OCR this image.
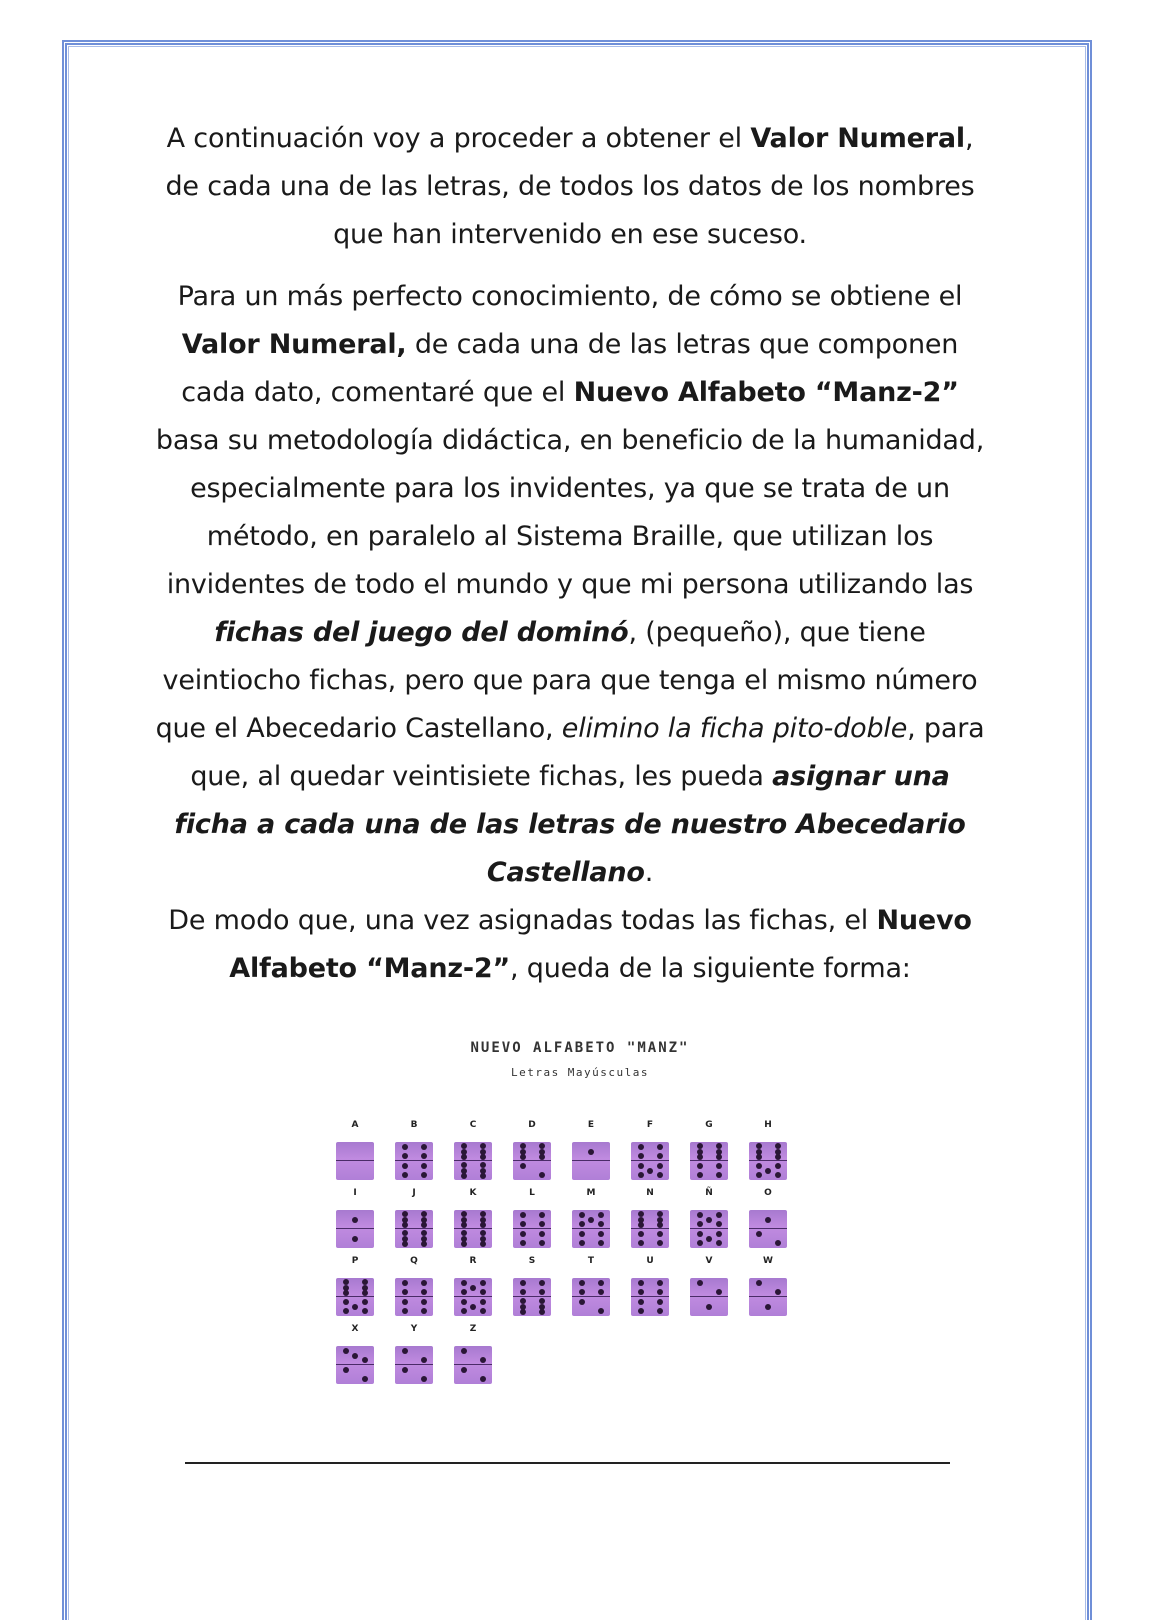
A continuación voy a proceder a obtener el Valor Numeral, de cada una de las letras, de todos los datos de los nombres que han intervenido en ese suceso.

Para un más perfecto conocimiento, de cómo se obtiene el Valor Numeral, de cada una de las letras que componen cada dato, comentaré que el Nuevo Alfabeto “Manz-2” basa su metodología didáctica, en beneficio de la humanidad, especialmente para los invidentes, ya que se trata de un método, en paralelo al Sistema Braille, que utilizan los invidentes de todo el mundo y que mi persona utilizando las fichas del juego del dominó, (pequeño), que tiene veintiocho fichas, pero que para que tenga el mismo número que el Abecedario Castellano, elimino la ficha pito-doble, para que, al quedar veintisiete fichas, les pueda asignar una ficha a cada una de las letras de nuestro Abecedario Castellano.

De modo que, una vez asignadas todas las fichas, el Nuevo Alfabeto “Manz-2”, queda de la siguiente forma:

NUEVO ALFABETO "MANZ"
Letras Mayúsculas
A	B	C	D	E	F	G	H
I	J	K	L	M	N	Ñ	O
P	Q	R	S	T	U	V	W
X	Y	Z
